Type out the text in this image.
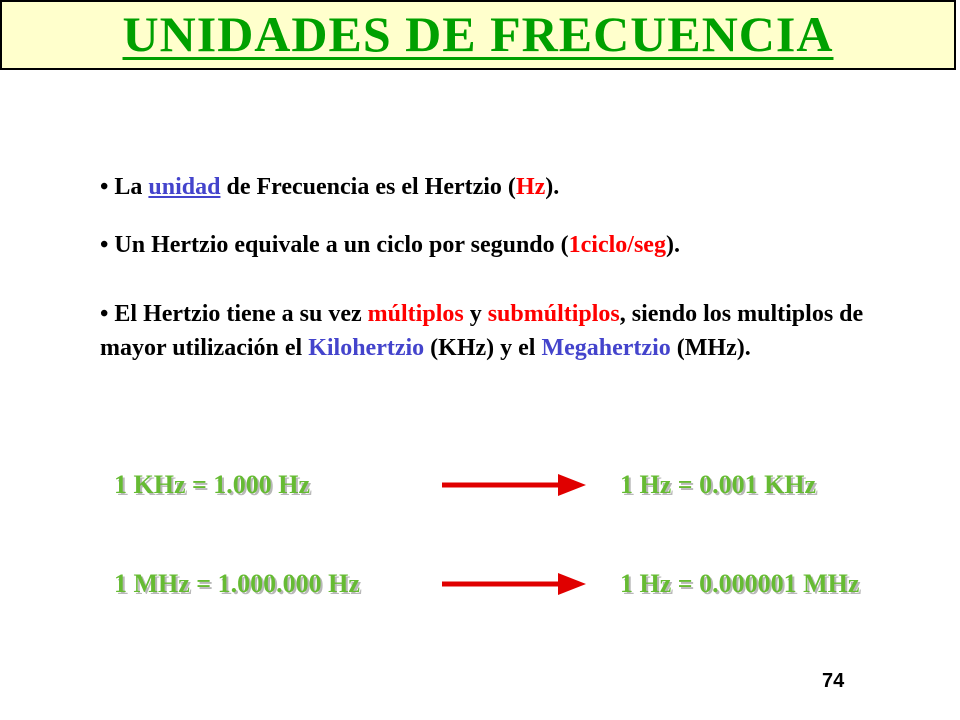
UNIDADES DE FRECUENCIA
• La unidad de Frecuencia es el Hertzio (Hz).
• Un Hertzio equivale a un ciclo por segundo (1ciclo/seg).
• El Hertzio tiene a su vez múltiplos y submúltiplos, siendo los multiplos de mayor utilización el Kilohertzio (KHz) y el Megahertzio (MHz).
1 KHz = 1.000 Hz	1 Hz = 0.001 KHz
1 MHz = 1.000.000 Hz	1 Hz = 0.000001 MHz
74
